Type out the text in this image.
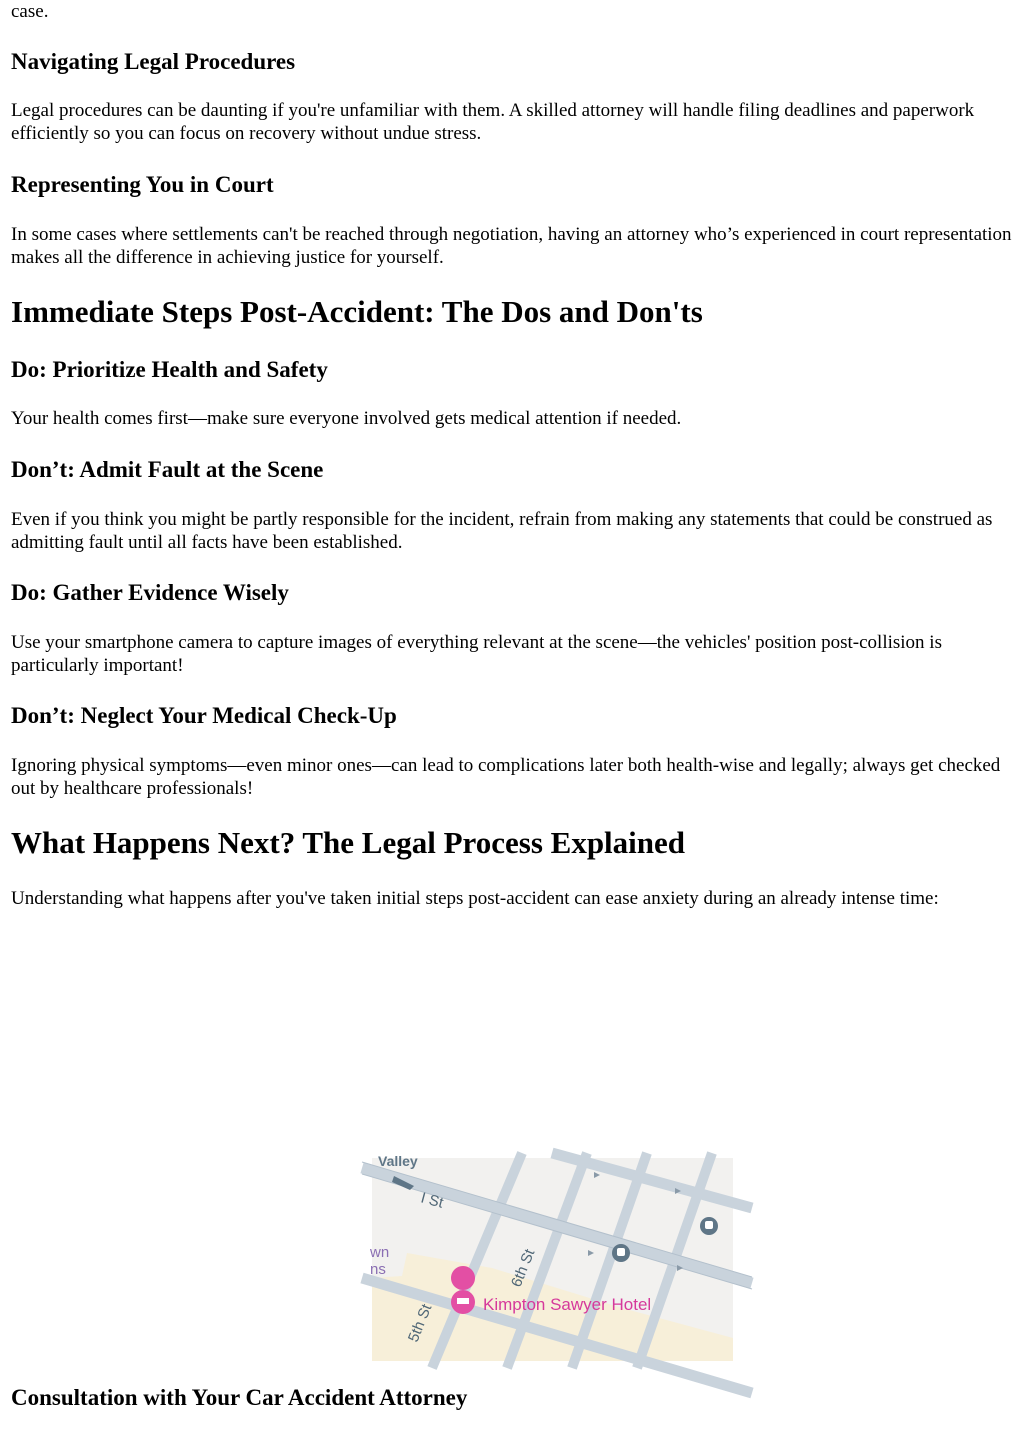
case.

Navigating Legal Procedures

Legal procedures can be daunting if you're unfamiliar with them. A skilled attorney will handle filing deadlines and paperwork efficiently so you can focus on recovery without undue stress.

Representing You in Court

In some cases where settlements can't be reached through negotiation, having an attorney who’s experienced in court representation makes all the difference in achieving justice for yourself.

Immediate Steps Post-Accident: The Dos and Don'ts
Do: Prioritize Health and Safety

Your health comes first—make sure everyone involved gets medical attention if needed.

Don’t: Admit Fault at the Scene

Even if you think you might be partly responsible for the incident, refrain from making any statements that could be construed as admitting fault until all facts have been established.

Do: Gather Evidence Wisely

Use your smartphone camera to capture images of everything relevant at the scene—the vehicles' position post-collision is particularly important!

Don’t: Neglect Your Medical Check-Up

Ignoring physical symptoms—even minor ones—can lead to complications later both health-wise and legally; always get checked out by healthcare professionals!

What Happens Next? The Legal Process Explained

Understanding what happens after you've taken initial steps post-accident can ease anxiety during an already intense time:

Valley
I St
6th St
5th St
wn
ns
Kimpton Sawyer Hotel
Consultation with Your Car Accident Attorney
